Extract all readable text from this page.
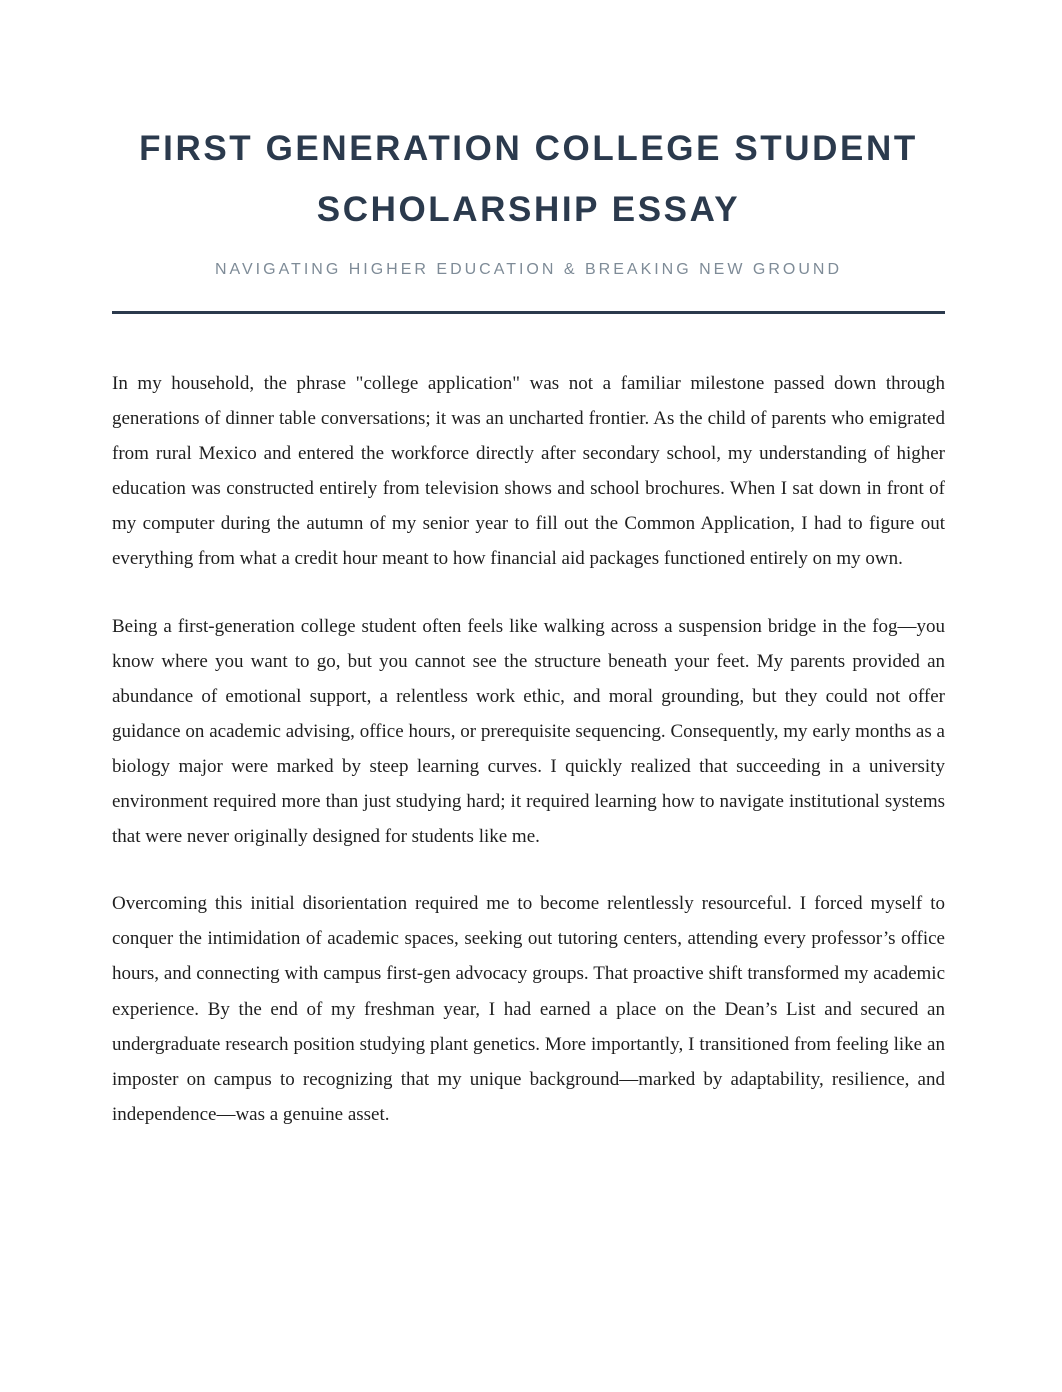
FIRST GENERATION COLLEGE STUDENT SCHOLARSHIP ESSAY
NAVIGATING HIGHER EDUCATION & BREAKING NEW GROUND

In my household, the phrase "college application" was not a familiar milestone passed down through generations of dinner table conversations; it was an uncharted frontier. As the child of parents who emigrated from rural Mexico and entered the workforce directly after secondary school, my understanding of higher education was constructed entirely from television shows and school brochures. When I sat down in front of my computer during the autumn of my senior year to fill out the Common Application, I had to figure out everything from what a credit hour meant to how financial aid packages functioned entirely on my own.

Being a first-generation college student often feels like walking across a suspension bridge in the fog—you know where you want to go, but you cannot see the structure beneath your feet. My parents provided an abundance of emotional support, a relentless work ethic, and moral grounding, but they could not offer guidance on academic advising, office hours, or prerequisite sequencing. Consequently, my early months as a biology major were marked by steep learning curves. I quickly realized that succeeding in a university environment required more than just studying hard; it required learning how to navigate institutional systems that were never originally designed for students like me.

Overcoming this initial disorientation required me to become relentlessly resourceful. I forced myself to conquer the intimidation of academic spaces, seeking out tutoring centers, attending every professor’s office hours, and connecting with campus first-gen advocacy groups. That proactive shift transformed my academic experience. By the end of my freshman year, I had earned a place on the Dean’s List and secured an undergraduate research position studying plant genetics. More importantly, I transitioned from feeling like an imposter on campus to recognizing that my unique background—marked by adaptability, resilience, and independence—was a genuine asset.
